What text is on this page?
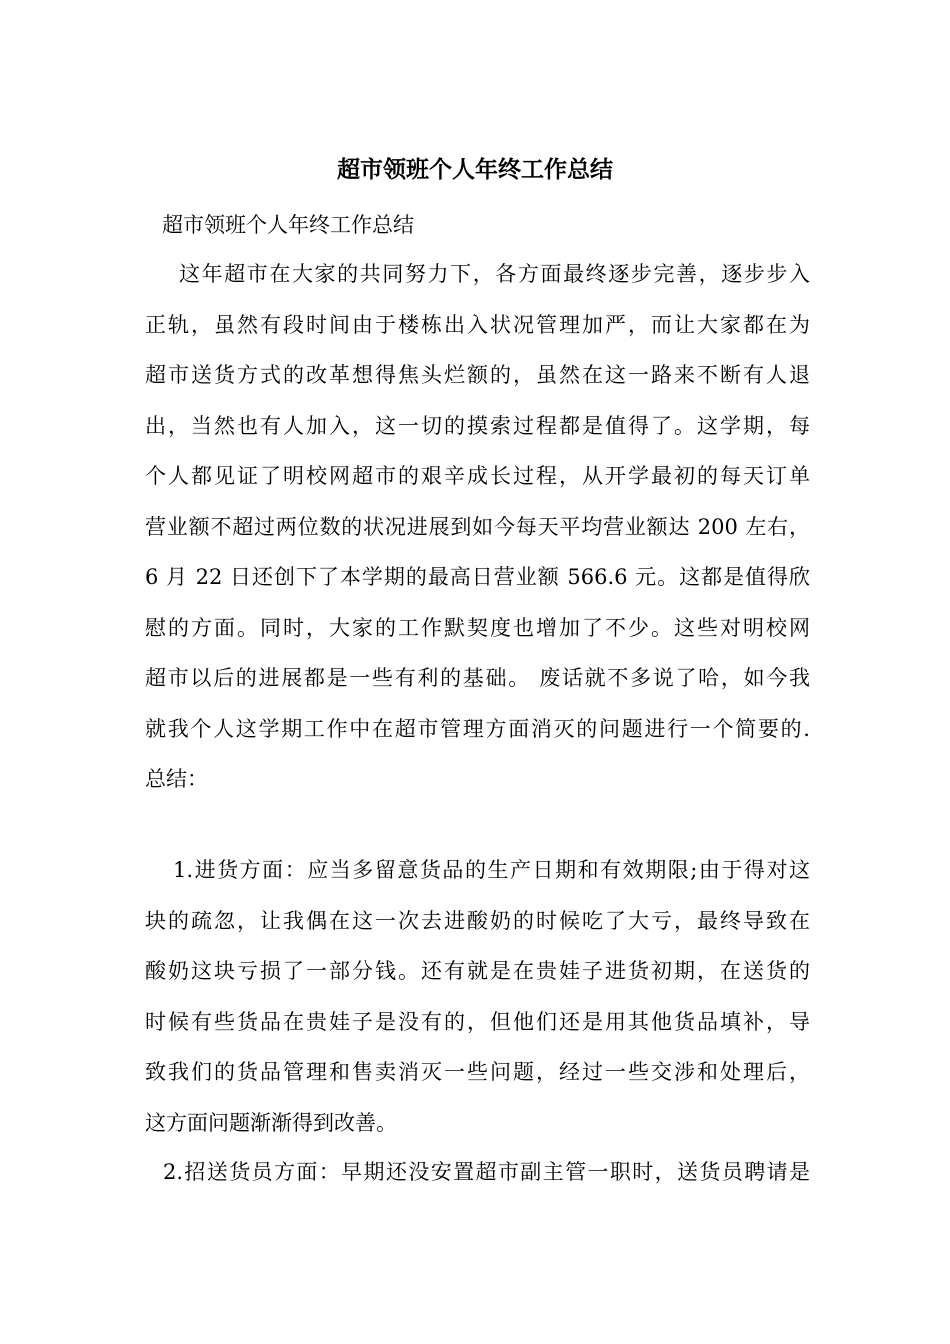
超市领班个人年终工作总结

超市领班个人年终工作总结

这年超市在大家的共同努力下，各方面最终逐步完善，逐步步入
正轨，虽然有段时间由于楼栋出入状况管理加严，而让大家都在为
超市送货方式的改革想得焦头烂额的，虽然在这一路来不断有人退
出，当然也有人加入，这一切的摸索过程都是值得了。这学期，每
个人都见证了明校网超市的艰辛成长过程，从开学最初的每天订单
营业额不超过两位数的状况进展到如今每天平均营业额达 200 左右，
6 月 22 日还创下了本学期的最高日营业额 566.6 元。这都是值得欣
慰的方面。同时，大家的工作默契度也增加了不少。这些对明校网
超市以后的进展都是一些有利的基础。 废话就不多说了哈，如今我
就我个人这学期工作中在超市管理方面消灭的问题进行一个简要的.
总结：
1.进货方面：应当多留意货品的生产日期和有效期限;由于得对这
块的疏忽，让我偶在这一次去进酸奶的时候吃了大亏，最终导致在
酸奶这块亏损了一部分钱。还有就是在贵娃子进货初期，在送货的
时候有些货品在贵娃子是没有的，但他们还是用其他货品填补，导
致我们的货品管理和售卖消灭一些问题，经过一些交涉和处理后，
这方面问题渐渐得到改善。
2.招送货员方面：早期还没安置超市副主管一职时，送货员聘请是
